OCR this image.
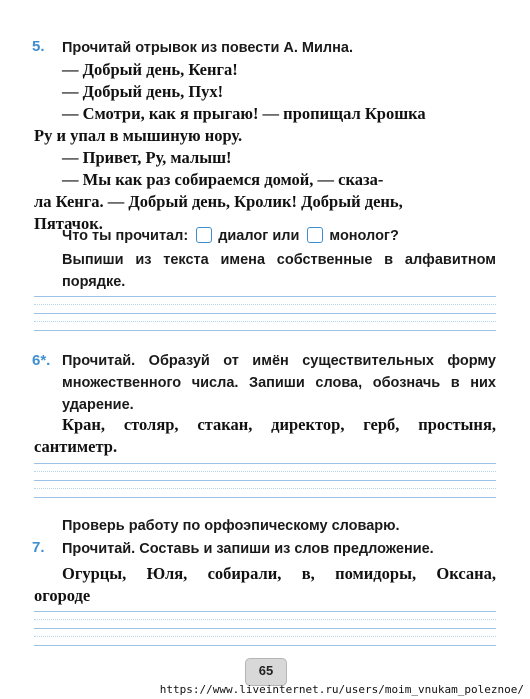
5. Прочитай отрывок из повести А. Милна.
— Добрый день, Кенга!
— Добрый день, Пух!
— Смотри, как я прыгаю! — пропищал Крошка
Ру и упал в мышиную нору.
— Привет, Ру, малыш!
— Мы как раз собираемся домой, — сказа-
ла Кенга. — Добрый день, Кролик! Добрый день,
Пятачок.
Что ты прочитал: диалог или монолог?
Выпиши из текста имена собственные в алфавитном порядке.
6*. Прочитай. Образуй от имён существительных форму множественного числа. Запиши слова, обозначь в них ударение.
Кран, столяр, стакан, директор, герб, простыня,
сантиметр.
Проверь работу по орфоэпическому словарю.
7. Прочитай. Составь и запиши из слов предложение.
Огурцы, Юля, собирали, в, помидоры, Оксана,
огороде
65
https://www.liveinternet.ru/users/moim_vnukam_poleznoe/
